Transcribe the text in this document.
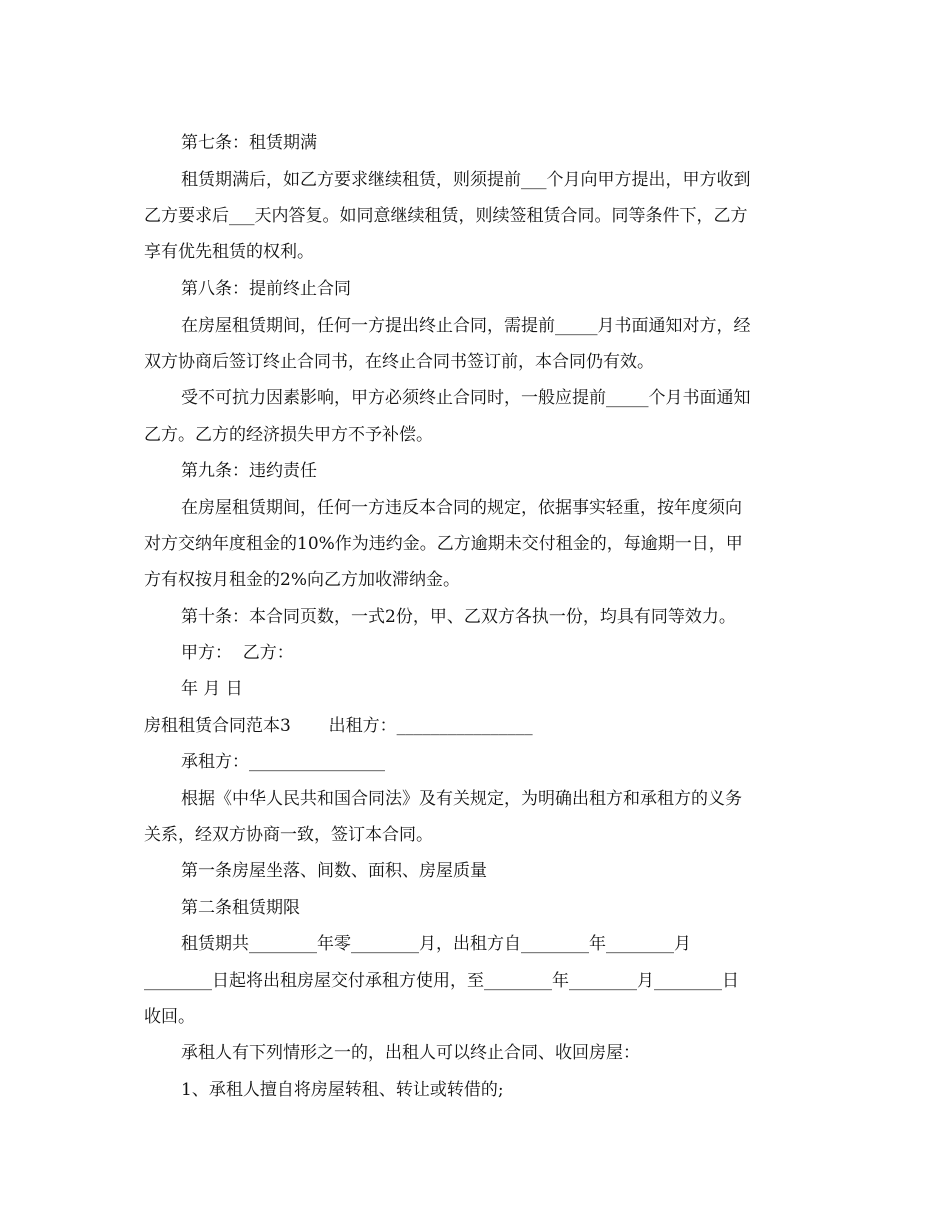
第七条：租赁期满
租赁期满后，如乙方要求继续租赁，则须提前___个月向甲方提出，甲方收到
乙方要求后___天内答复。如同意继续租赁，则续签租赁合同。同等条件下，乙方
享有优先租赁的权利。
第八条：提前终止合同
在房屋租赁期间，任何一方提出终止合同，需提前_____月书面通知对方，经
双方协商后签订终止合同书，在终止合同书签订前，本合同仍有效。
受不可抗力因素影响，甲方必须终止合同时，一般应提前_____个月书面通知
乙方。乙方的经济损失甲方不予补偿。
第九条：违约责任
在房屋租赁期间，任何一方违反本合同的规定，依据事实轻重，按年度须向
对方交纳年度租金的10%作为违约金。乙方逾期未交付租金的，每逾期一日，甲
方有权按月租金的2%向乙方加收滞纳金。
第十条：本合同页数，一式2份，甲、乙双方各执一份，均具有同等效力。
甲方：  乙方：
年 月 日
房租租赁合同范本3       出租方：________________
承租方：________________
根据《中华人民共和国合同法》及有关规定，为明确出租方和承租方的义务
关系，经双方协商一致，签订本合同。
第一条房屋坐落、间数、面积、房屋质量
第二条租赁期限
租赁期共________年零________月，出租方自________年________月
________日起将出租房屋交付承租方使用，至________年________月________日
收回。
承租人有下列情形之一的，出租人可以终止合同、收回房屋：
1、承租人擅自将房屋转租、转让或转借的;
